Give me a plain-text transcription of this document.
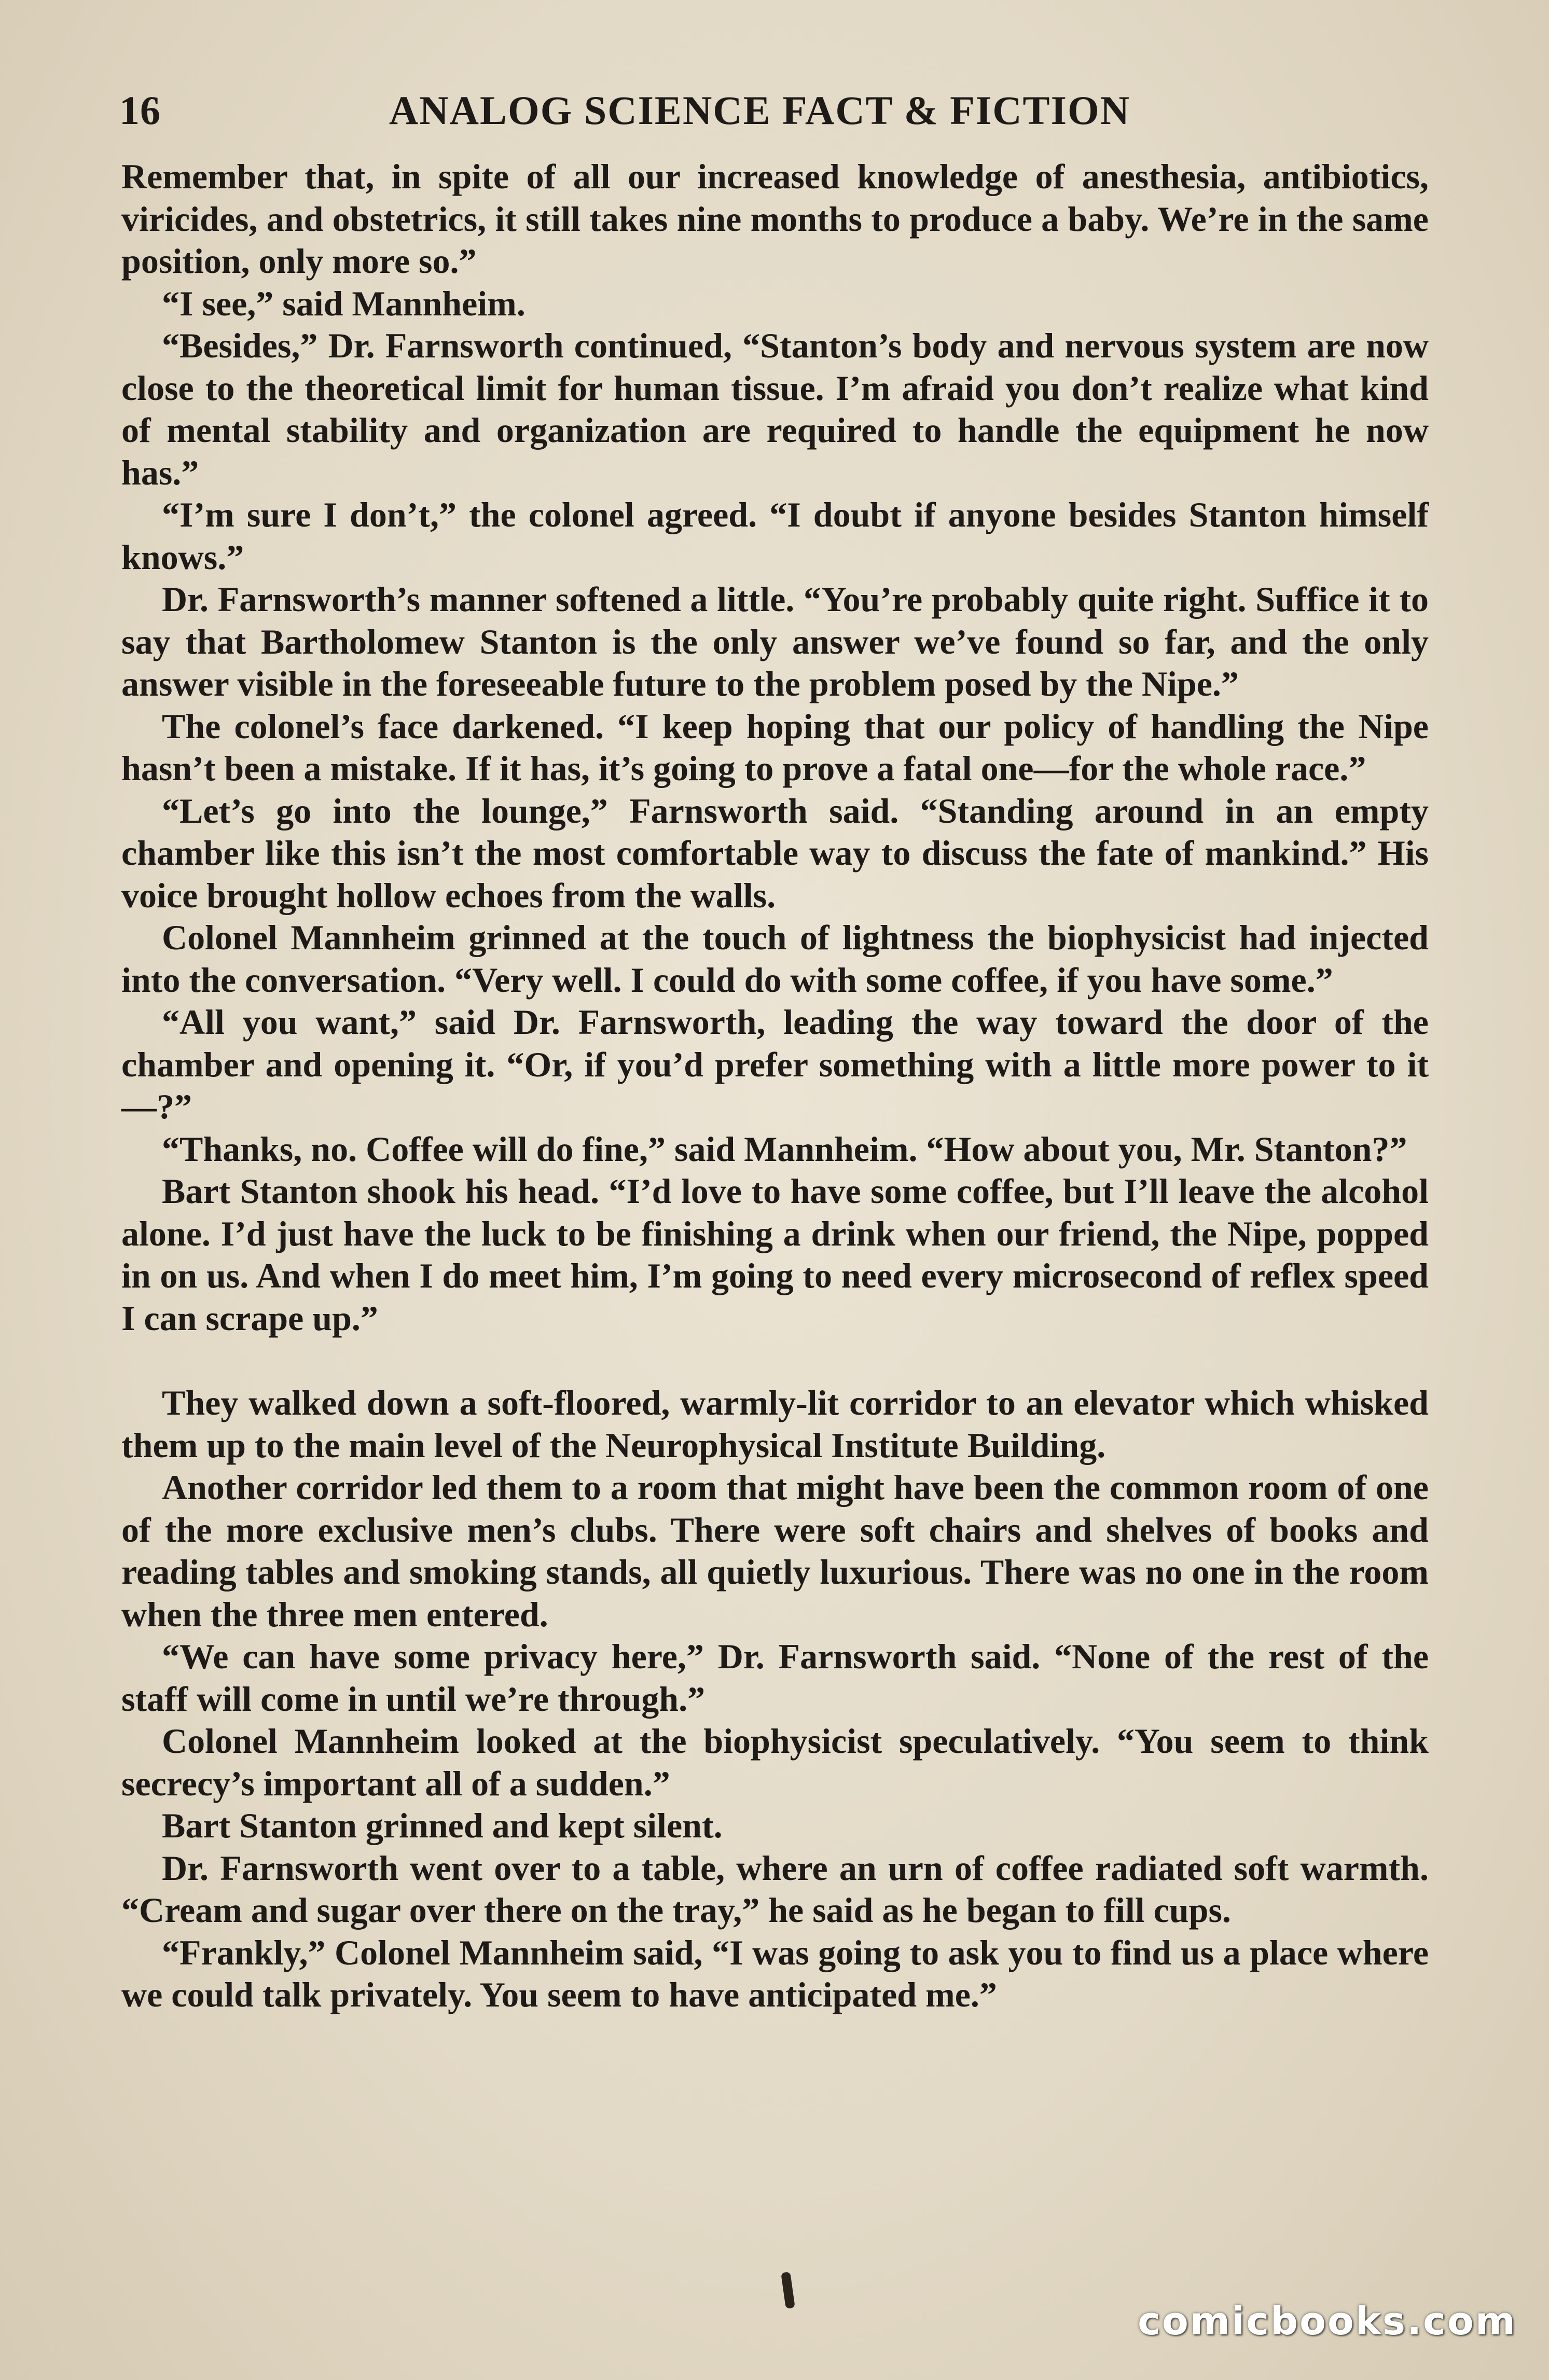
16	ANALOG SCIENCE FACT & FICTION

Remember that, in spite of all our increased knowledge of anesthesia, antibiotics, viricides, and obstetrics, it still takes nine months to produce a baby. We’re in the same position, only more so.”

“I see,” said Mannheim.

“Besides,” Dr. Farnsworth continued, “Stanton’s body and nervous system are now close to the theoretical limit for human tissue. I’m afraid you don’t realize what kind of mental stability and organization are required to handle the equipment he now has.”

“I’m sure I don’t,” the colonel agreed. “I doubt if anyone besides Stanton himself knows.”

Dr. Farnsworth’s manner softened a little. “You’re probably quite right. Suffice it to say that Bartholomew Stanton is the only answer we’ve found so far, and the only answer visible in the foreseeable future to the problem posed by the Nipe.”

The colonel’s face darkened. “I keep hoping that our policy of handling the Nipe hasn’t been a mistake. If it has, it’s going to prove a fatal one—for the whole race.”

“Let’s go into the lounge,” Farnsworth said. “Standing around in an empty chamber like this isn’t the most comfortable way to discuss the fate of mankind.” His voice brought hollow echoes from the walls.

Colonel Mannheim grinned at the touch of lightness the biophysicist had injected into the conversation. “Very well. I could do with some coffee, if you have some.”

“All you want,” said Dr. Farnsworth, leading the way toward the door of the chamber and opening it. “Or, if you’d prefer something with a little more power to it—?”

“Thanks, no. Coffee will do fine,” said Mannheim. “How about you, Mr. Stanton?”

Bart Stanton shook his head. “I’d love to have some coffee, but I’ll leave the alcohol alone. I’d just have the luck to be finishing a drink when our friend, the Nipe, popped in on us. And when I do meet him, I’m going to need every microsecond of reflex speed I can scrape up.”

They walked down a soft-floored, warmly-lit corridor to an elevator which whisked them up to the main level of the Neurophysical Institute Building.

Another corridor led them to a room that might have been the common room of one of the more exclusive men’s clubs. There were soft chairs and shelves of books and reading tables and smoking stands, all quietly luxurious. There was no one in the room when the three men entered.

“We can have some privacy here,” Dr. Farnsworth said. “None of the rest of the staff will come in until we’re through.”

Colonel Mannheim looked at the biophysicist speculatively. “You seem to think secrecy’s important all of a sudden.”

Bart Stanton grinned and kept silent.

Dr. Farnsworth went over to a table, where an urn of coffee radiated soft warmth. “Cream and sugar over there on the tray,” he said as he began to fill cups.

“Frankly,” Colonel Mannheim said, “I was going to ask you to find us a place where we could talk privately. You seem to have anticipated me.”

comicbooks.com
